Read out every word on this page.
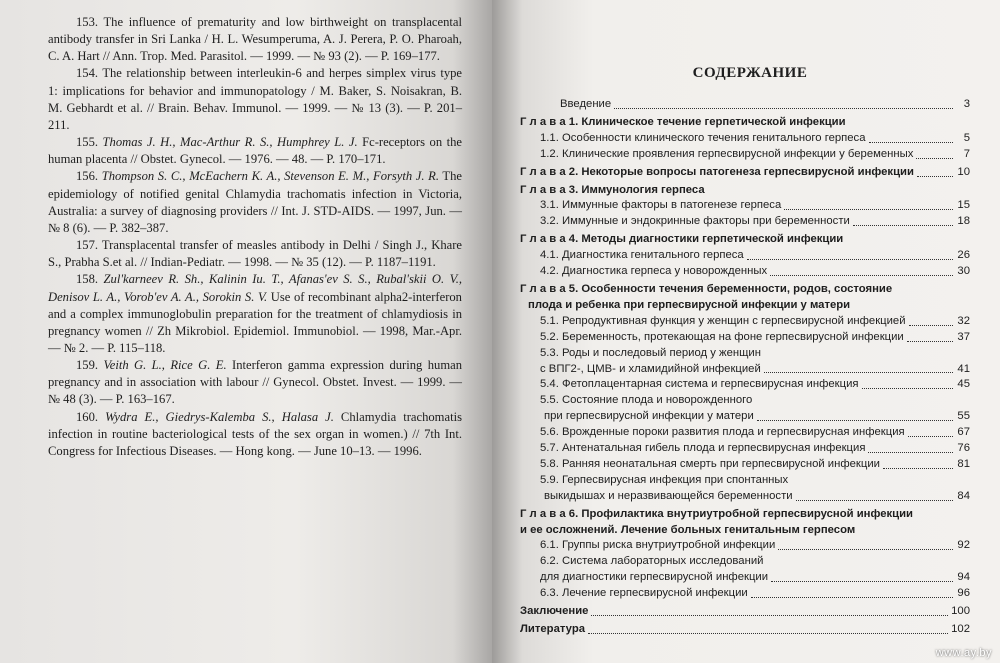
153. The influence of prematurity and low birthweight on transplacental antibody transfer in Sri Lanka / H. L. Wesumperuma, A. J. Perera, P. O. Pharoah, C. A. Hart // Ann. Trop. Med. Parasitol. — 1999. — № 93 (2). — P. 169–177.

154. The relationship between interleukin-6 and herpes simplex virus type 1: implications for behavior and immunopatology / M. Baker, S. Noisakran, B. M. Gebhardt et al. // Brain. Behav. Immunol. — 1999. — № 13 (3). — P. 201–211.

155. Thomas J. H., Mac-Arthur R. S., Humphrey L. J. Fc-receptors on the human placenta // Obstet. Gynecol. — 1976. — 48. — P. 170–171.

156. Thompson S. C., McEachern K. A., Stevenson E. M., Forsyth J. R. The epidemiology of notified genital Chlamydia trachomatis infection in Victoria, Australia: a survey of diagnosing providers // Int. J. STD-AIDS. — 1997, Jun. — № 8 (6). — P. 382–387.

157. Transplacental transfer of measles antibody in Delhi / Singh J., Khare S., Prabha S.et al. // Indian-Pediatr. — 1998. — № 35 (12). — P. 1187–1191.

158. Zul'karneev R. Sh., Kalinin Iu. T., Afanas'ev S. S., Rubal'skii O. V., Denisov L. A., Vorob'ev A. A., Sorokin S. V. Use of recombinant alpha2-interferon and a complex immunoglobulin preparation for the treatment of chlamydiosis in pregnancy women // Zh Mikrobiol. Epidemiol. Immunobiol. — 1998, Mar.-Apr. — № 2. — P. 115–118.

159. Veith G. L., Rice G. E. Interferon gamma expression during human pregnancy and in association with labour // Gynecol. Obstet. Invest. — 1999. — № 48 (3). — P. 163–167.

160. Wydra E., Giedrys-Kalemba S., Halasa J. Chlamydia trachomatis infection in routine bacteriological tests of the sex organ in women.) // 7th Int. Congress for Infectious Diseases. — Hong kong. — June 10–13. — 1996.

СОДЕРЖАНИЕ
Введение	3
Г л а в а 1. Клиническое течение герпетической инфекции
1.1. Особенности клинического течения генитального герпеса	5
1.2. Клинические проявления герпесвирусной инфекции у беременных	7
Г л а в а 2. Некоторые вопросы патогенеза герпесвирусной инфекции	10
Г л а в а 3. Иммунология герпеса
3.1. Иммунные факторы в патогенезе герпеса	15
3.2. Иммунные и эндокринные факторы при беременности	18
Г л а в а 4. Методы диагностики герпетической инфекции
4.1. Диагностика генитального герпеса	26
4.2. Диагностика герпеса у новорожденных	30
Г л а в а 5. Особенности течения беременности, родов, состояние
плода и ребенка при герпесвирусной инфекции у матери
5.1. Репродуктивная функция у женщин с герпесвирусной инфекцией	32
5.2. Беременность, протекающая на фоне герпесвирусной инфекции	37
5.3. Роды и последовый период у женщин
с ВПГ2-, ЦМВ- и хламидийной инфекцией	41
5.4. Фетоплацентарная система и герпесвирусная инфекция	45
5.5. Состояние плода и новорожденного
при герпесвирусной инфекции у матери	55
5.6. Врожденные пороки развития плода и герпесвирусная инфекция	67
5.7. Антенатальная гибель плода и герпесвирусная инфекция	76
5.8. Ранняя неонатальная смерть при герпесвирусной инфекции	81
5.9. Герпесвирусная инфекция при спонтанных
выкидышах и неразвивающейся беременности	84
Г л а в а 6. Профилактика внутриутробной герпесвирусной инфекции
и ее осложнений. Лечение больных генитальным герпесом
6.1. Группы риска внутриутробной инфекции	92
6.2. Система лабораторных исследований
для диагностики герпесвирусной инфекции	94
6.3. Лечение герпесвирусной инфекции	96
Заключение	100
Литература	102
www.ay.by
